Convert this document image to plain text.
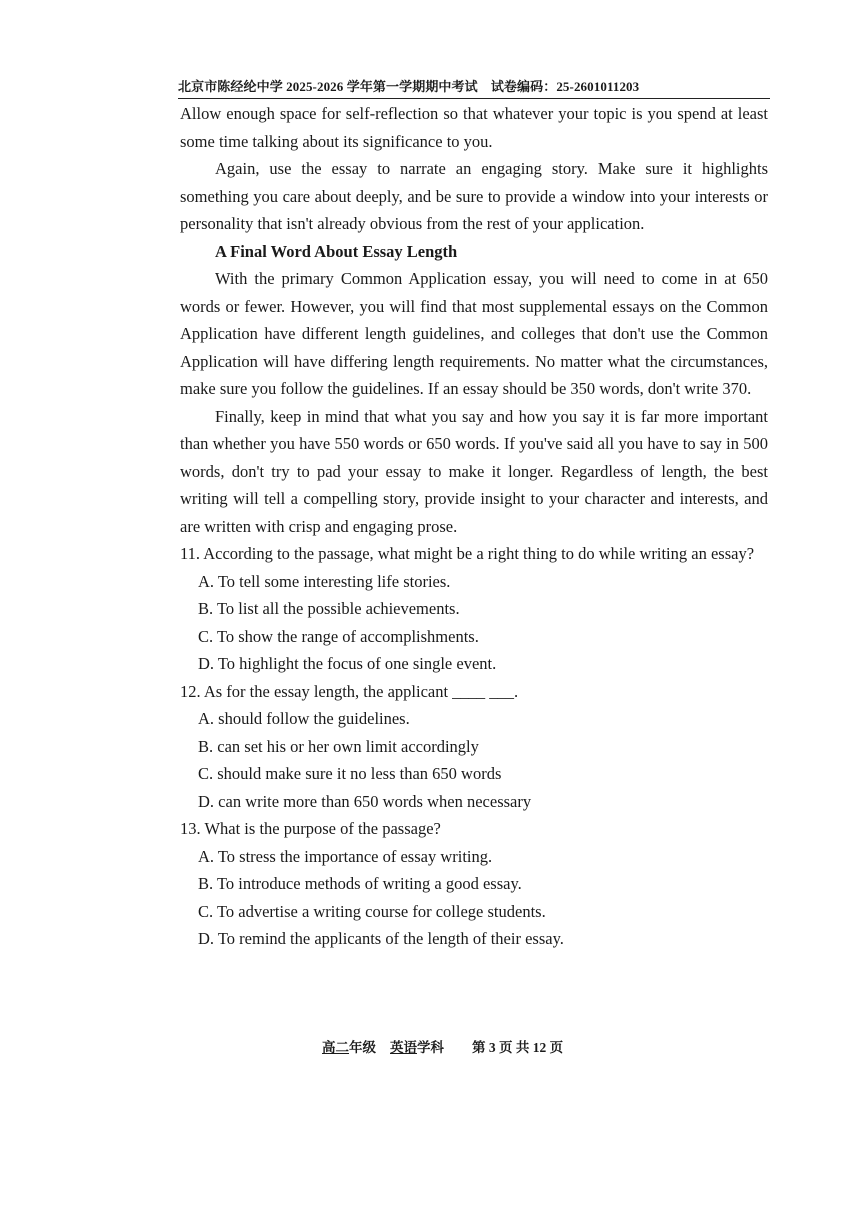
北京市陈经纶中学 2025-2026 学年第一学期期中考试　试卷编码：25-2601011203

Allow enough space for self-reflection so that whatever your topic is you spend at least some time talking about its significance to you.

Again, use the essay to narrate an engaging story. Make sure it highlights something you care about deeply, and be sure to provide a window into your interests or personality that isn't already obvious from the rest of your application.

A Final Word About Essay Length

With the primary Common Application essay, you will need to come in at 650 words or fewer. However, you will find that most supplemental essays on the Common Application have different length guidelines, and colleges that don't use the Common Application will have differing length requirements. No matter what the circumstances, make sure you follow the guidelines. If an essay should be 350 words, don't write 370.

Finally, keep in mind that what you say and how you say it is far more important than whether you have 550 words or 650 words. If you've said all you have to say in 500 words, don't try to pad your essay to make it longer. Regardless of length, the best writing will tell a compelling story, provide insight to your character and interests, and are written with crisp and engaging prose.

11. According to the passage, what might be a right thing to do while writing an essay?

A. To tell some interesting life stories.

B. To list all the possible achievements.

C. To show the range of accomplishments.

D. To highlight the focus of one single event.

12. As for the essay length, the applicant ____ ___.

A. should follow the guidelines.

B. can set his or her own limit accordingly

C. should make sure it no less than 650 words

D. can write more than 650 words when necessary

13. What is the purpose of the passage?

A. To stress the importance of essay writing.

B. To introduce methods of writing a good essay.

C. To advertise a writing course for college students.

D. To remind the applicants of the length of their essay.

高二年级 英语学科 第 3 页 共 12 页
